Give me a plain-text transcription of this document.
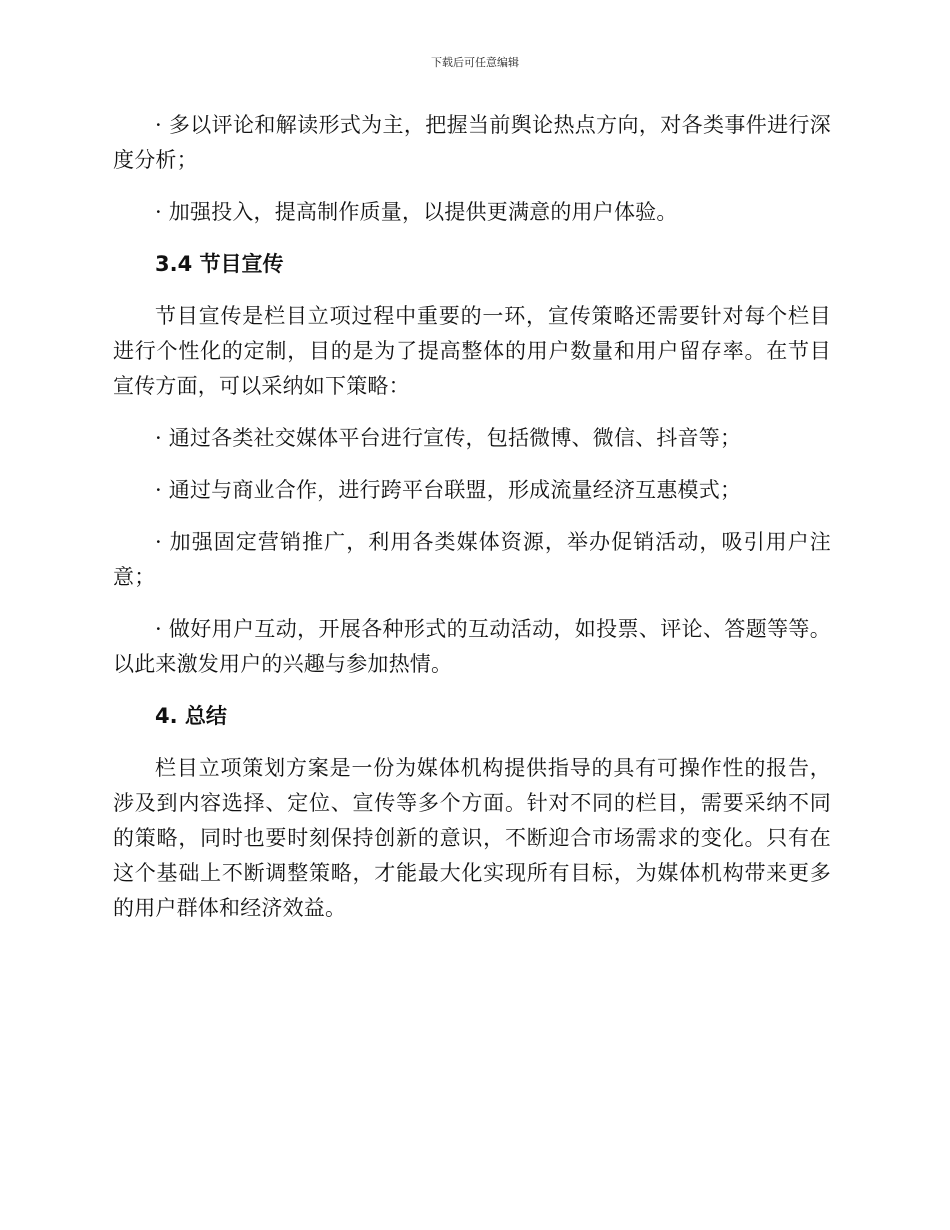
下载后可任意编辑

· 多以评论和解读形式为主，把握当前舆论热点方向，对各类事件进行深度分析；

· 加强投入，提高制作质量，以提供更满意的用户体验。

3.4 节目宣传

节目宣传是栏目立项过程中重要的一环，宣传策略还需要针对每个栏目进行个性化的定制，目的是为了提高整体的用户数量和用户留存率。在节目宣传方面，可以采纳如下策略：

· 通过各类社交媒体平台进行宣传，包括微博、微信、抖音等；

· 通过与商业合作，进行跨平台联盟，形成流量经济互惠模式；

· 加强固定营销推广，利用各类媒体资源，举办促销活动，吸引用户注意；

· 做好用户互动，开展各种形式的互动活动，如投票、评论、答题等等。以此来激发用户的兴趣与参加热情。

4. 总结

栏目立项策划方案是一份为媒体机构提供指导的具有可操作性的报告，涉及到内容选择、定位、宣传等多个方面。针对不同的栏目，需要采纳不同的策略，同时也要时刻保持创新的意识，不断迎合市场需求的变化。只有在这个基础上不断调整策略，才能最大化实现所有目标，为媒体机构带来更多的用户群体和经济效益。
